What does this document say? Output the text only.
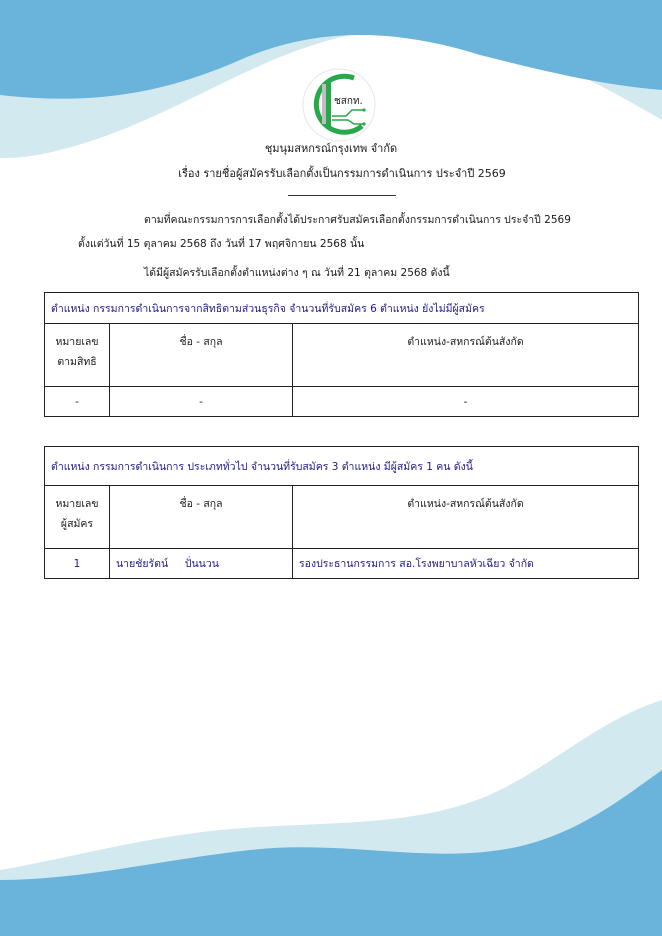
ชสกท.
ชุมนุมสหกรณ์กรุงเทพ จำกัด
เรื่อง รายชื่อผู้สมัครรับเลือกตั้งเป็นกรรมการดำเนินการ ประจำปี 2569
ตามที่คณะกรรมการการเลือกตั้งได้ประกาศรับสมัครเลือกตั้งกรรมการดำเนินการ ประจำปี 2569
ตั้งแต่วันที่ 15 ตุลาคม 2568 ถึง วันที่ 17 พฤศจิกายน 2568 นั้น
ได้มีผู้สมัครรับเลือกตั้งตำแหน่งต่าง ๆ ณ วันที่ 21 ตุลาคม 2568 ดังนี้
ตำแหน่ง กรรมการดำเนินการจากสิทธิตามส่วนธุรกิจ จำนวนที่รับสมัคร 6 ตำแหน่ง ยังไม่มีผู้สมัคร		
หมายเลข
ตามสิทธิ	ชื่อ - สกุล	ตำแหน่ง-สหกรณ์ต้นสังกัด
-	-	-
ตำแหน่ง กรรมการดำเนินการ ประเภททั่วไป จำนวนที่รับสมัคร 3 ตำแหน่ง มีผู้สมัคร 1 คน ดังนี้		
หมายเลข
ผู้สมัคร	ชื่อ - สกุล	ตำแหน่ง-สหกรณ์ต้นสังกัด
1	นายชัยรัตน์     ปั่นนวน	รองประธานกรรมการ สอ.โรงพยาบาลหัวเฉียว จำกัด
